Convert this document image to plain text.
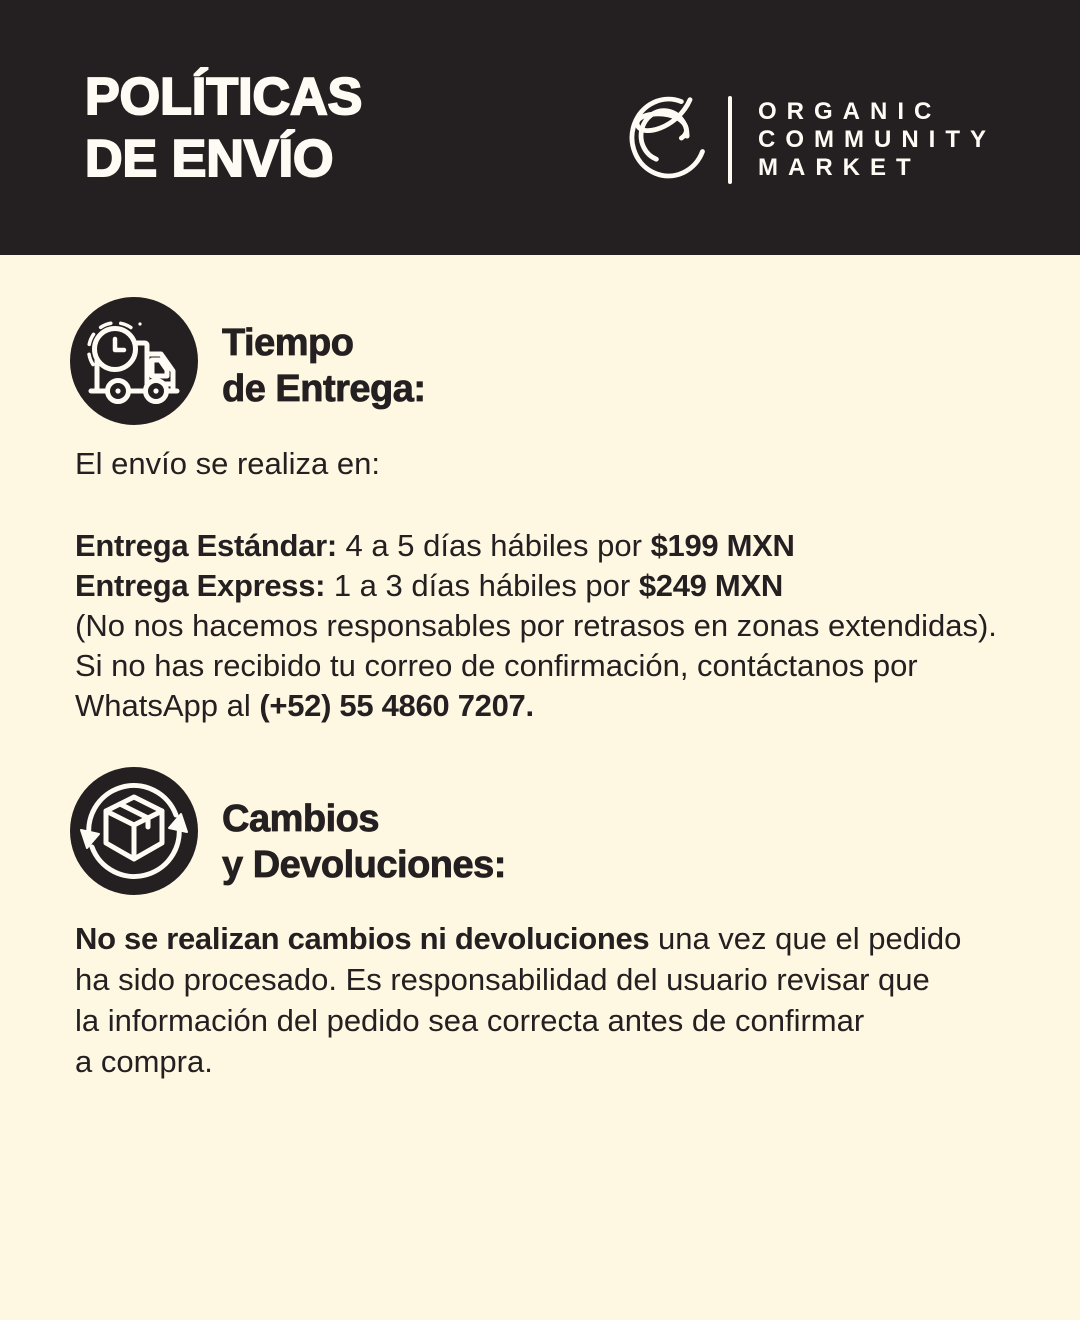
POLÍTICAS
DE ENVÍO
ORGANIC
COMMUNITY
MARKET
Tiempo
de Entrega:

El envío se realiza en:

Entrega Estándar: 4 a 5 días hábiles por $199 MXN

Entrega Express: 1 a 3 días hábiles por $249 MXN

(No nos hacemos responsables por retrasos en zonas extendidas).

Si no has recibido tu correo de confirmación, contáctanos por

WhatsApp al (+52) 55 4860 7207.

Cambios
y Devoluciones:

No se realizan cambios ni devoluciones una vez que el pedido

ha sido procesado. Es responsabilidad del usuario revisar que

la información del pedido sea correcta antes de confirmar

a compra.
